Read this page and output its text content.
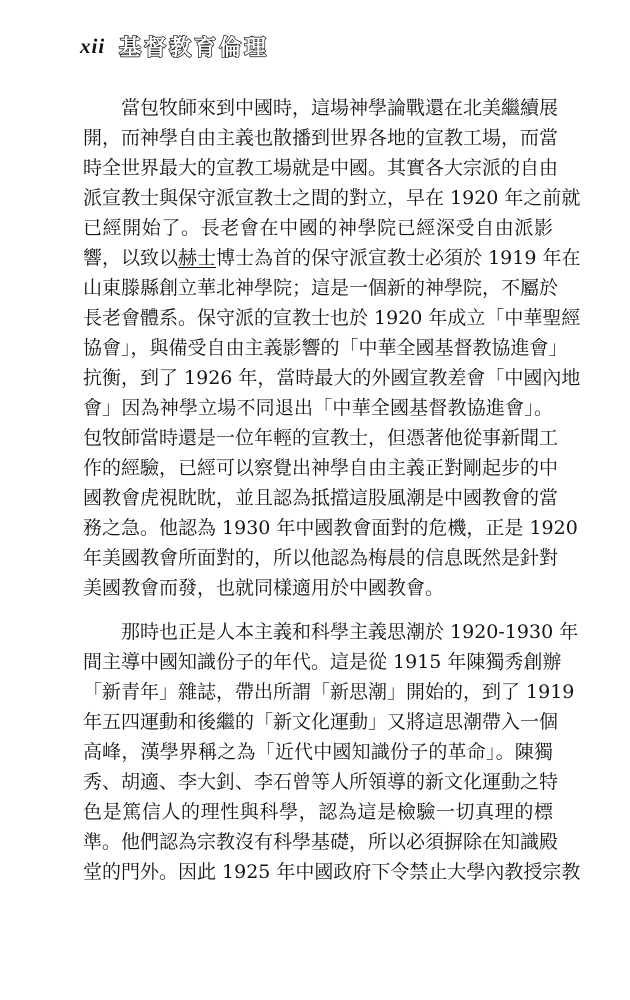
xii 基督教育倫理
當包牧師來到中國時，這場神學論戰還在北美繼續展
開，而神學自由主義也散播到世界各地的宣教工場，而當
時全世界最大的宣教工場就是中國。其實各大宗派的自由
派宣教士與保守派宣教士之間的對立，早在 1920 年之前就
已經開始了。長老會在中國的神學院已經深受自由派影
響，以致以赫士博士為首的保守派宣教士必須於 1919 年在
山東滕縣創立華北神學院；這是一個新的神學院，不屬於
長老會體系。保守派的宣教士也於 1920 年成立「中華聖經
協會」，與備受自由主義影響的「中華全國基督教協進會」
抗衡，到了 1926 年，當時最大的外國宣教差會「中國內地
會」因為神學立場不同退出「中華全國基督教協進會」。
包牧師當時還是一位年輕的宣教士，但憑著他從事新聞工
作的經驗，已經可以察覺出神學自由主義正對剛起步的中
國教會虎視眈眈，並且認為抵擋這股風潮是中國教會的當
務之急。他認為 1930 年中國教會面對的危機，正是 1920
年美國教會所面對的，所以他認為梅晨的信息既然是針對
美國教會而發，也就同樣適用於中國教會。
那時也正是人本主義和科學主義思潮於 1920-1930 年
間主導中國知識份子的年代。這是從 1915 年陳獨秀創辦
「新青年」雜誌，帶出所謂「新思潮」開始的，到了 1919
年五四運動和後繼的「新文化運動」又將這思潮帶入一個
高峰，漢學界稱之為「近代中國知識份子的革命」。陳獨
秀、胡適、李大釗、李石曾等人所領導的新文化運動之特
色是篤信人的理性與科學，認為這是檢驗一切真理的標
準。他們認為宗教沒有科學基礎，所以必須摒除在知識殿
堂的門外。因此 1925 年中國政府下令禁止大學內教授宗教
